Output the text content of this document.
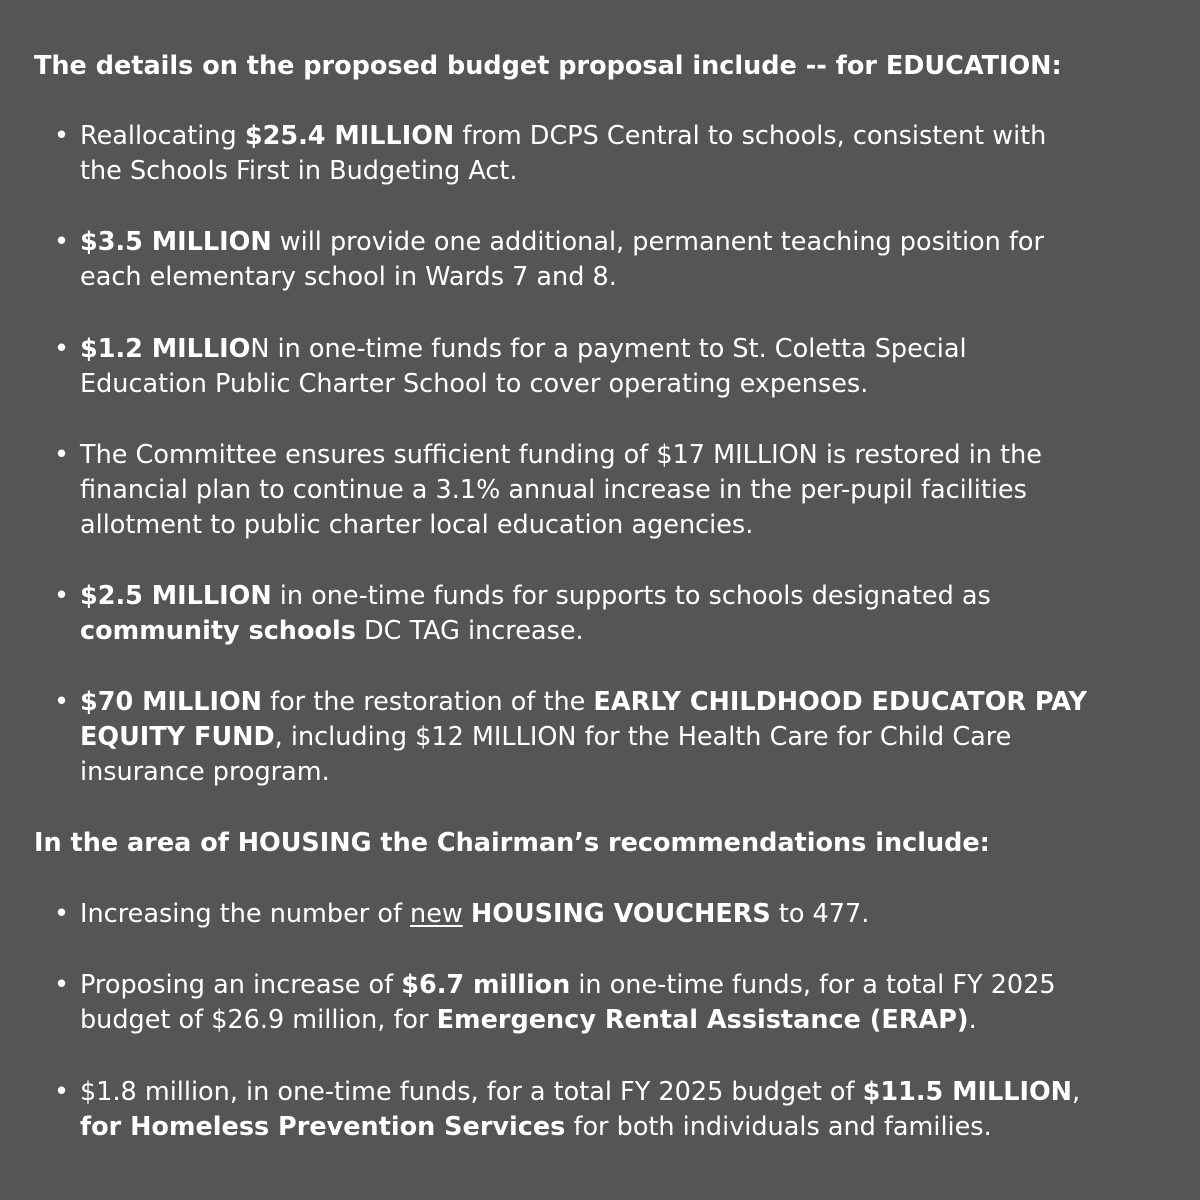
The details on the proposed budget proposal include -- for EDUCATION:
• Reallocating $25.4 MILLION from DCPS Central to schools, consistent with
the Schools First in Budgeting Act.
• $3.5 MILLION will provide one additional, permanent teaching position for
each elementary school in Wards 7 and 8.
• $1.2 MILLION in one-time funds for a payment to St. Coletta Special
Education Public Charter School to cover operating expenses.
• The Committee ensures sufficient funding of $17 MILLION is restored in the
financial plan to continue a 3.1% annual increase in the per-pupil facilities
allotment to public charter local education agencies.
• $2.5 MILLION in one-time funds for supports to schools designated as
community schools DC TAG increase.
• $70 MILLION for the restoration of the EARLY CHILDHOOD EDUCATOR PAY
EQUITY FUND, including $12 MILLION for the Health Care for Child Care
insurance program.
In the area of HOUSING the Chairman’s recommendations include:
• Increasing the number of new HOUSING VOUCHERS to 477.
• Proposing an increase of $6.7 million in one-time funds, for a total FY 2025
budget of $26.9 million, for Emergency Rental Assistance (ERAP).
• $1.8 million, in one-time funds, for a total FY 2025 budget of $11.5 MILLION,
for Homeless Prevention Services for both individuals and families.
